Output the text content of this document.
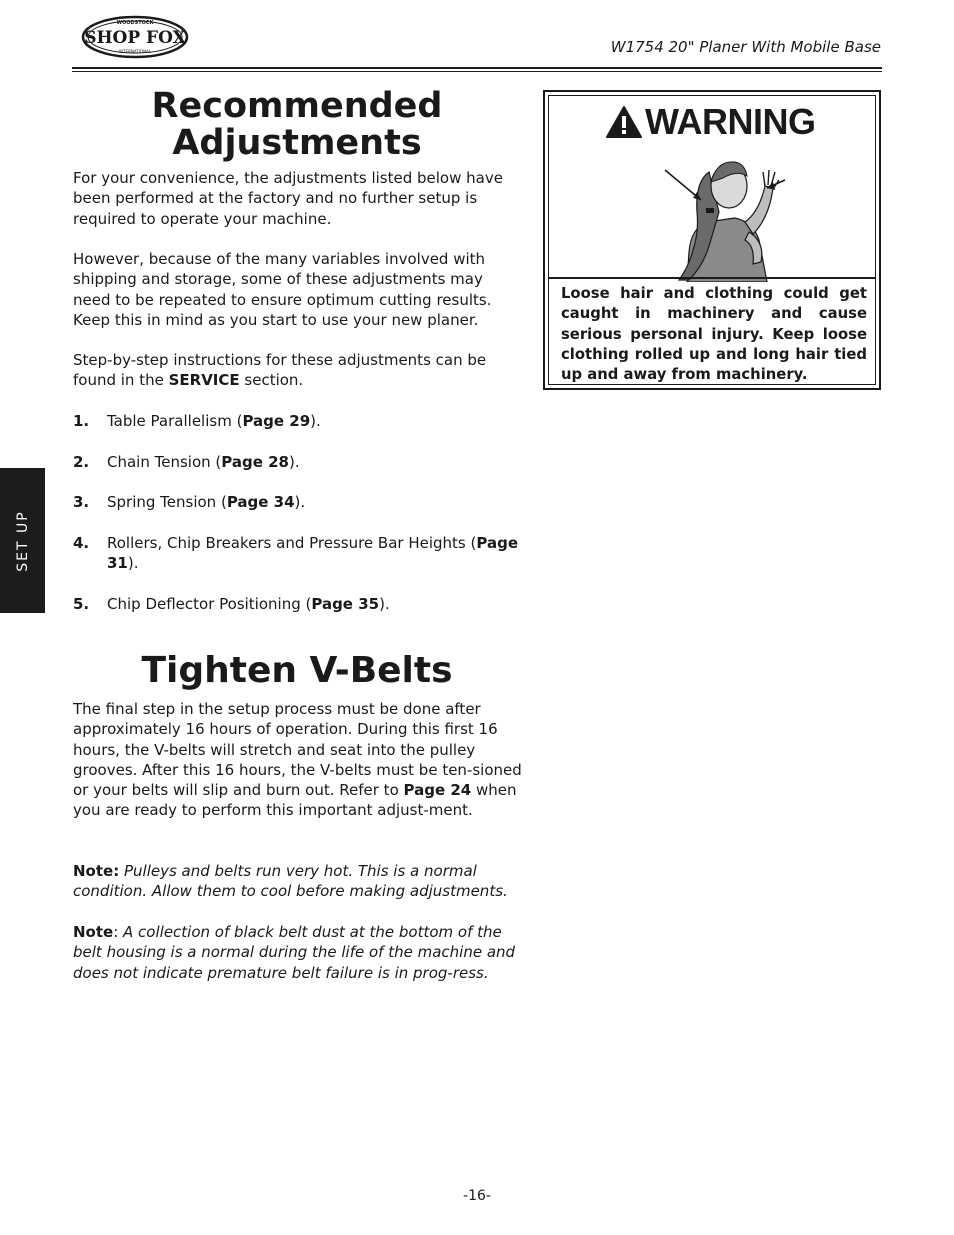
WOODSTOCK
SHOP FOX
INTERNATIONAL	W1754 20" Planer With Mobile Base
SET UP
Recommended
Adjustments

For your convenience, the adjustments listed below have been performed at the factory and no further setup is required to operate your machine.

However, because of the many variables involved with shipping and storage, some of these adjustments may need to be repeated to ensure optimum cutting results. Keep this in mind as you start to use your new planer.

Step-by-step instructions for these adjustments can be found in the SERVICE section.

1. Table Parallelism (Page 29).
2. Chain Tension (Page 28).
3. Spring Tension (Page 34).
4. Rollers, Chip Breakers and Pressure Bar Heights (Page 31).
5. Chip Deflector Positioning (Page 35).
Tighten V-Belts

The final step in the setup process must be done after approximately 16 hours of operation. During this first 16 hours, the V-belts will stretch and seat into the pulley grooves. After this 16 hours, the V-belts must be ten-sioned or your belts will slip and burn out. Refer to Page 24 when you are ready to perform this important adjust-ment.

Note: Pulleys and belts run very hot. This is a normal condition. Allow them to cool before making adjustments.

Note: A collection of black belt dust at the bottom of the belt housing is a normal during the life of the machine and does not indicate premature belt failure is in prog-ress.

WARNING
Loose hair and clothing could get caught in machinery and cause serious personal injury. Keep loose clothing rolled up and long hair tied up and away from machinery.
-16-
